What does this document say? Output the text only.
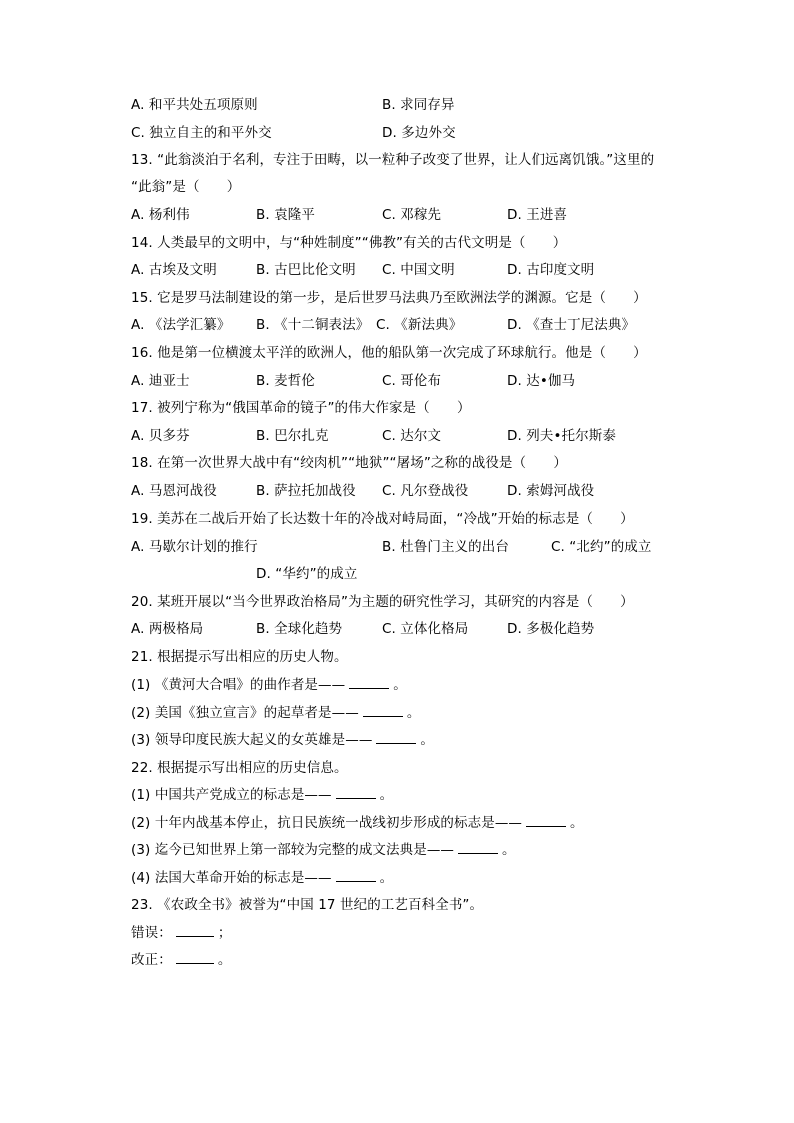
A. 和平共处五项原则	B. 求同存异
C. 独立自主的和平外交	D. 多边外交
13. “此翁淡泊于名利，专注于田畴，以一粒种子改变了世界，让人们远离饥饿。”这里的
“此翁”是（　　）
A. 杨利伟	B. 袁隆平	C. 邓稼先	D. 王进喜
14. 人类最早的文明中，与“种姓制度”“佛教”有关的古代文明是（　　）
A. 古埃及文明	B. 古巴比伦文明 C. 中国文明	D. 古印度文明
15. 它是罗马法制建设的第一步，是后世罗马法典乃至欧洲法学的渊源。它是（　　）
A. 《法学汇纂》 B. 《十二铜表法》 C. 《新法典》	D. 《查士丁尼法典》
16. 他是第一位横渡太平洋的欧洲人，他的船队第一次完成了环球航行。他是（　　）
A. 迪亚士	B. 麦哲伦	C. 哥伦布	D. 达•伽马
17. 被列宁称为“俄国革命的镜子”的伟大作家是（　　）
A. 贝多芬	B. 巴尔扎克	C. 达尔文	D. 列夫•托尔斯泰
18. 在第一次世界大战中有“绞肉机”“地狱”“屠场”之称的战役是（　　）
A. 马恩河战役	B. 萨拉托加战役 C. 凡尔登战役	D. 索姆河战役
19. 美苏在二战后开始了长达数十年的冷战对峙局面，“冷战”开始的标志是（　　）
A. 马歇尔计划的推行	B. 杜鲁门主义的出台	C. “北约”的成立
D. “华约”的成立
20. 某班开展以“当今世界政治格局”为主题的研究性学习，其研究的内容是（　　）
A. 两极格局	B. 全球化趋势	C. 立体化格局	D. 多极化趋势
21. 根据提示写出相应的历史人物。
(1) 《黄河大合唱》的曲作者是——	。
(2) 美国《独立宣言》的起草者是——	。
(3) 领导印度民族大起义的女英雄是——	。
22. 根据提示写出相应的历史信息。
(1) 中国共产党成立的标志是——	。
(2) 十年内战基本停止，抗日民族统一战线初步形成的标志是——	。
(3) 迄今已知世界上第一部较为完整的成文法典是——	。
(4) 法国大革命开始的标志是——	。
23. 《农政全书》被誉为“中国 17 世纪的工艺百科全书”。
错误：	；
改正：	。
